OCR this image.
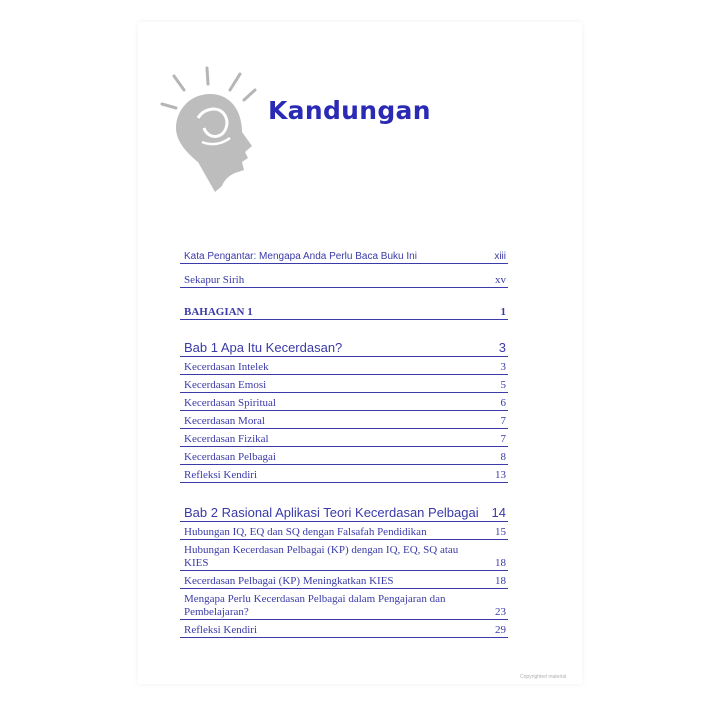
Kandungan
Kata Pengantar: Mengapa Anda Perlu Baca Buku Ini	xiii
Sekapur Sirih	xv
BAHAGIAN 1	1
Bab 1 Apa Itu Kecerdasan?	3
Kecerdasan Intelek	3
Kecerdasan Emosi	5
Kecerdasan Spiritual	6
Kecerdasan Moral	7
Kecerdasan Fizikal	7
Kecerdasan Pelbagai	8
Refleksi Kendiri	13
Bab 2 Rasional Aplikasi Teori Kecerdasan Pelbagai 14
Hubungan IQ, EQ dan SQ dengan Falsafah Pendidikan	15
Hubungan Kecerdasan Pelbagai (KP) dengan IQ, EQ, SQ atau KIES	18
Kecerdasan Pelbagai (KP) Meningkatkan KIES	18
Mengapa Perlu Kecerdasan Pelbagai dalam Pengajaran dan Pembelajaran?	23
Refleksi Kendiri	29
Copyrighted material
